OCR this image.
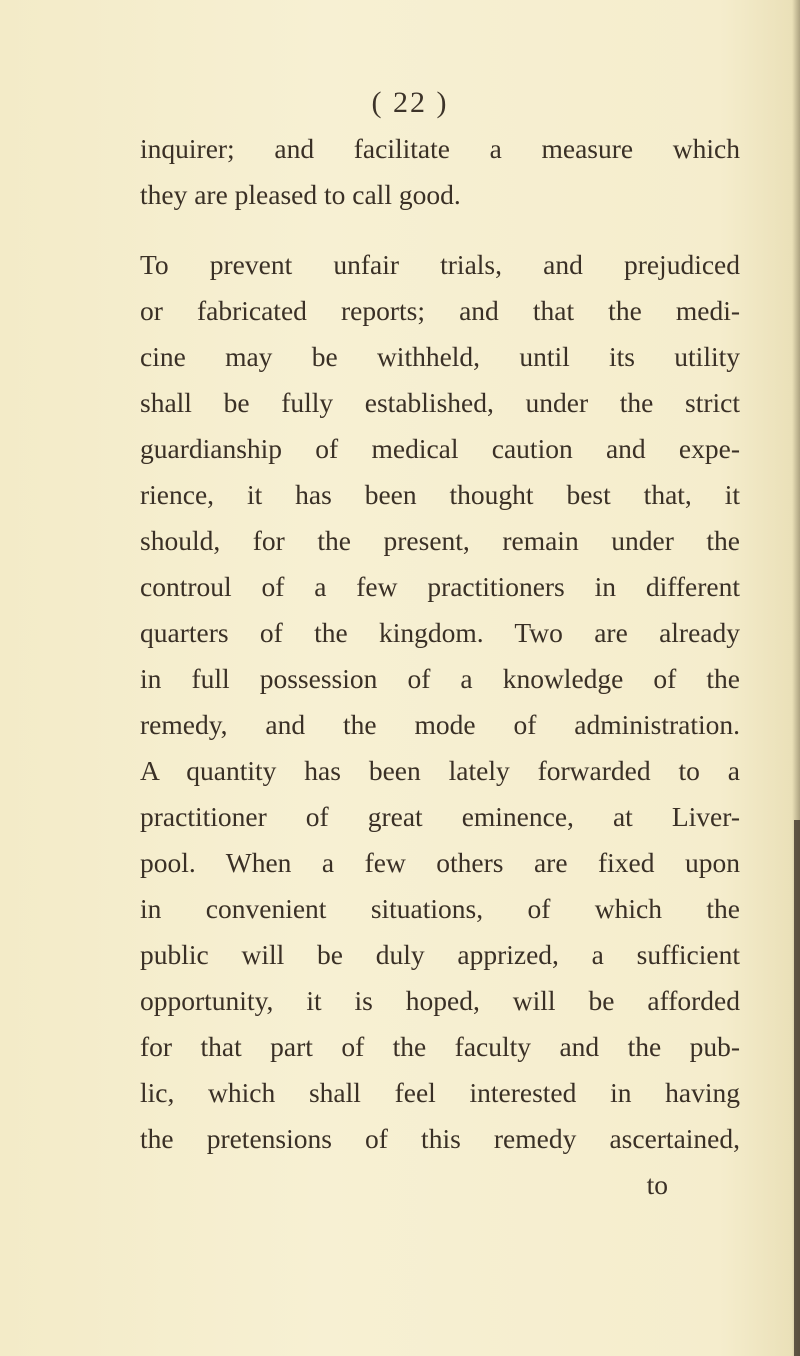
( 22 )
inquirer; and facilitate a measure which
they are pleased to call good.
To prevent unfair trials, and prejudiced
or fabricated reports; and that the medi-
cine may be withheld, until its utility
shall be fully established, under the strict
guardianship of medical caution and expe-
rience, it has been thought best that, it
should, for the present, remain under the
controul of a few practitioners in different
quarters of the kingdom. Two are already
in full possession of a knowledge of the
remedy, and the mode of administration.
A quantity has been lately forwarded to a
practitioner of great eminence, at Liver-
pool. When a few others are fixed upon
in convenient situations, of which the
public will be duly apprized, a sufficient
opportunity, it is hoped, will be afforded
for that part of the faculty and the pub-
lic, which shall feel interested in having
the pretensions of this remedy ascertained,
to
